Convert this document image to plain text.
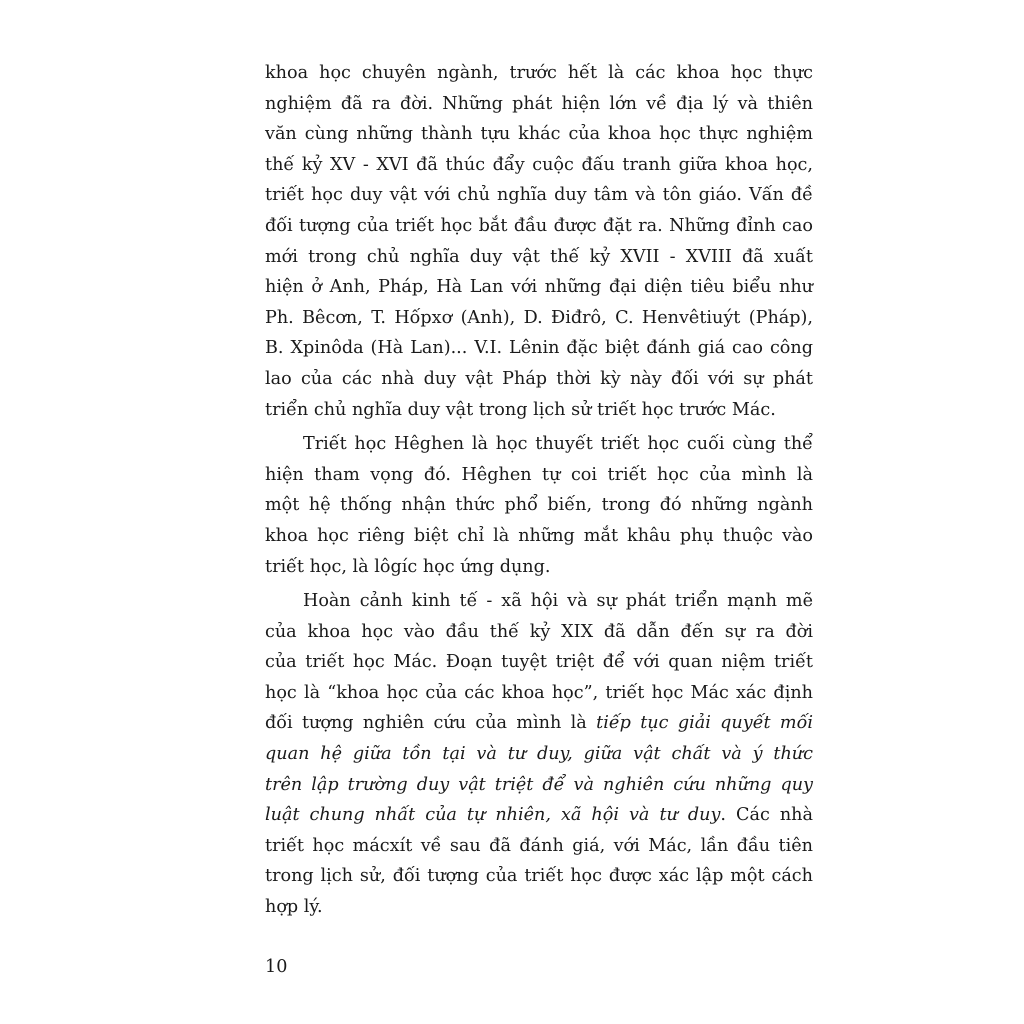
khoa học chuyên ngành, trước hết là các khoa học thực
nghiệm đã ra đời. Những phát hiện lớn về địa lý và thiên
văn cùng những thành tựu khác của khoa học thực nghiệm
thế kỷ XV - XVI đã thúc đẩy cuộc đấu tranh giữa khoa học,
triết học duy vật với chủ nghĩa duy tâm và tôn giáo. Vấn đề
đối tượng của triết học bắt đầu được đặt ra. Những đỉnh cao
mới trong chủ nghĩa duy vật thế kỷ XVII - XVIII đã xuất
hiện ở Anh, Pháp, Hà Lan với những đại diện tiêu biểu như
Ph. Bêcơn, T. Hốpxơ (Anh), D. Điđrô, C. Henvêtiuýt (Pháp),
B. Xpinôda (Hà Lan)... V.I. Lênin đặc biệt đánh giá cao công
lao của các nhà duy vật Pháp thời kỳ này đối với sự phát
triển chủ nghĩa duy vật trong lịch sử triết học trước Mác.
Triết học Hêghen là học thuyết triết học cuối cùng thể
hiện tham vọng đó. Hêghen tự coi triết học của mình là
một hệ thống nhận thức phổ biến, trong đó những ngành
khoa học riêng biệt chỉ là những mắt khâu phụ thuộc vào
triết học, là lôgíc học ứng dụng.
Hoàn cảnh kinh tế - xã hội và sự phát triển mạnh mẽ
của khoa học vào đầu thế kỷ XIX đã dẫn đến sự ra đời
của triết học Mác. Đoạn tuyệt triệt để với quan niệm triết
học là “khoa học của các khoa học”, triết học Mác xác định
đối tượng nghiên cứu của mình là tiếp tục giải quyết mối
quan hệ giữa tồn tại và tư duy, giữa vật chất và ý thức
trên lập trường duy vật triệt để và nghiên cứu những quy
luật chung nhất của tự nhiên, xã hội và tư duy. Các nhà
triết học mácxít về sau đã đánh giá, với Mác, lần đầu tiên
trong lịch sử, đối tượng của triết học được xác lập một cách
hợp lý.
10
